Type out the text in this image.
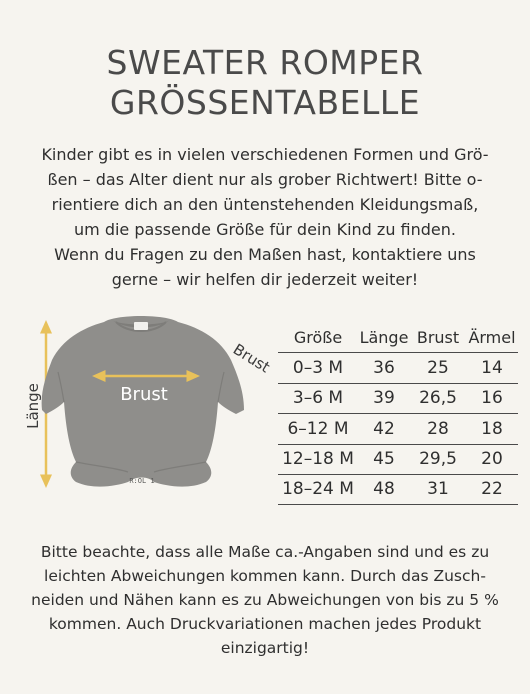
SWEATER ROMPER
GRÖSSENTABELLE
Kinder gibt es in vielen verschiedenen Formen und Grö-
ßen – das Alter dient nur als grober Richtwert! Bitte o-
rientiere dich an den üntenstehenden Kleidungsmaß,
um die passende Größe für dein Kind zu finden.
Wenn du Fragen zu den Maßen hast, kontaktiere uns
gerne – wir helfen dir jederzeit weiter!
Länge
R:OL 1
Brust
Brust
Größe	Länge Brust Ärmel
0–3 M	36	25	14
3–6 M	39	26,5	16
6–12 M	42	28	18
12–18 M	45	29,5	20
18–24 M	48	31	22
Bitte beachte, dass alle Maße ca.-Angaben sind und es zu
leichten Abweichungen kommen kann. Durch das Zusch-
neiden und Nähen kann es zu Abweichungen von bis zu 5 %
kommen. Auch Druckvariationen machen jedes Produkt
einzigartig!
